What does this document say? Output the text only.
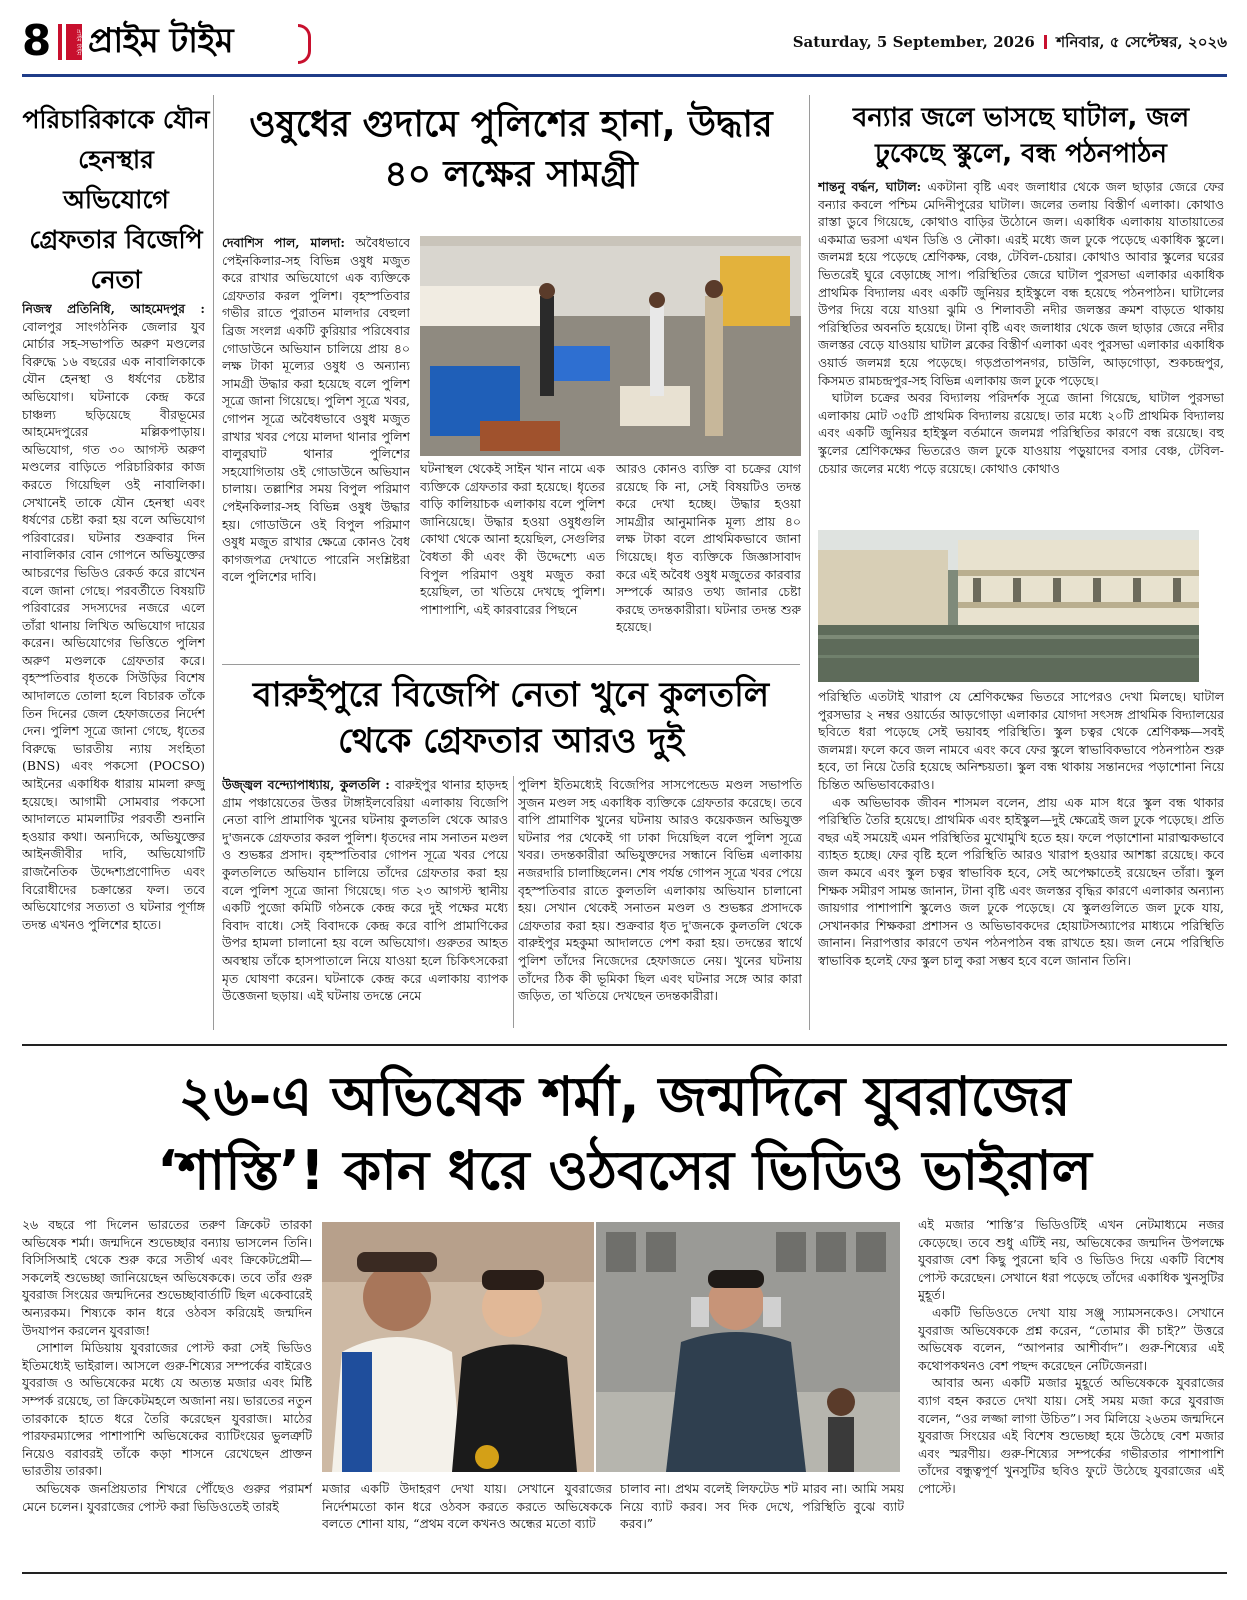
8	প্রাইম টাইম প্রাইম টাইম	Saturday, 5 September, 2026 শনিবার, ৫ সেপ্টেম্বর, ২০২৬
পরিচারিকাকে যৌন হেনস্থার অভিযোগে গ্রেফতার বিজেপি নেতা
নিজস্ব প্রতিনিধি, আহমেদপুর : বোলপুর সাংগঠনিক জেলার যুব মোর্চার সহ-সভাপতি অরুণ মণ্ডলের বিরুদ্ধে ১৬ বছরের এক নাবালিকাকে যৌন হেনস্থা ও ধর্ষণের চেষ্টার অভিযোগ। ঘটনাকে কেন্দ্র করে চাঞ্চল্য ছড়িয়েছে বীরভূমের আহমেদপুরের মল্লিকপাড়ায়। অভিযোগ, গত ৩০ আগস্ট অরুণ মণ্ডলের বাড়িতে পরিচারিকার কাজ করতে গিয়েছিল ওই নাবালিকা। সেখানেই তাকে যৌন হেনস্থা এবং ধর্ষণের চেষ্টা করা হয় বলে অভিযোগ পরিবারের। ঘটনার শুক্রবার দিন নাবালিকার বোন গোপনে অভিযুক্তের আচরণের ভিডিও রেকর্ড করে রাখেন বলে জানা গেছে। পরবর্তীতে বিষয়টি পরিবারের সদস্যদের নজরে এলে তাঁরা থানায় লিখিত অভিযোগ দায়ের করেন। অভিযোগের ভিত্তিতে পুলিশ অরুণ মণ্ডলকে গ্রেফতার করে। বৃহস্পতিবার ধৃতকে সিউড়ির বিশেষ আদালতে তোলা হলে বিচারক তাঁকে তিন দিনের জেল হেফাজতের নির্দেশ দেন। পুলিশ সূত্রে জানা গেছে, ধৃতের বিরুদ্ধে ভারতীয় ন্যায় সংহিতা (BNS) এবং পকসো (POCSO) আইনের একাধিক ধারায় মামলা রুজু হয়েছে। আগামী সোমবার পকসো আদালতে মামলাটির পরবর্তী শুনানি হওয়ার কথা। অন্যদিকে, অভিযুক্তের আইনজীবীর দাবি, অভিযোগটি রাজনৈতিক উদ্দেশ্যপ্রণোদিত এবং বিরোধীদের চক্রান্তের ফল। তবে অভিযোগের সত্যতা ও ঘটনার পূর্ণাঙ্গ তদন্ত এখনও পুলিশের হাতে।
ওষুধের গুদামে পুলিশের হানা, উদ্ধার ৪০ লক্ষের সামগ্রী
দেবাশিস পাল, মালদা: অবৈধভাবে পেইনকিলার-সহ বিভিন্ন ওষুধ মজুত করে রাখার অভিযোগে এক ব্যক্তিকে গ্রেফতার করল পুলিশ। বৃহস্পতিবার গভীর রাতে পুরাতন মালদার বেহুলা ব্রিজ সংলগ্ন একটি কুরিয়ার পরিষেবার গোডাউনে অভিযান চালিয়ে প্রায় ৪০ লক্ষ টাকা মূল্যের ওষুধ ও অন্যান্য সামগ্রী উদ্ধার করা হয়েছে বলে পুলিশ সূত্রে জানা গিয়েছে। পুলিশ সূত্রে খবর, গোপন সূত্রে অবৈধভাবে ওষুধ মজুত রাখার খবর পেয়ে মালদা থানার পুলিশ বালুরঘাট থানার পুলিশের সহযোগিতায় ওই গোডাউনে অভিযান চালায়। তল্লাশির সময় বিপুল পরিমাণ পেইনকিলার-সহ বিভিন্ন ওষুধ উদ্ধার হয়। গোডাউনে ওই বিপুল পরিমাণ ওষুধ মজুত রাখার ক্ষেত্রে কোনও বৈধ কাগজপত্র দেখাতে পারেনি সংশ্লিষ্টরা বলে পুলিশের দাবি।
ঘটনাস্থল থেকেই সাইন খান নামে এক ব্যক্তিকে গ্রেফতার করা হয়েছে। ধৃতের বাড়ি কালিয়াচক এলাকায় বলে পুলিশ জানিয়েছে। উদ্ধার হওয়া ওষুধগুলি কোথা থেকে আনা হয়েছিল, সেগুলির বৈধতা কী এবং কী উদ্দেশ্যে এত বিপুল পরিমাণ ওষুধ মজুত করা হয়েছিল, তা খতিয়ে দেখছে পুলিশ। পাশাপাশি, এই কারবারের পিছনে
আরও কোনও ব্যক্তি বা চক্রের যোগ রয়েছে কি না, সেই বিষয়টিও তদন্ত করে দেখা হচ্ছে। উদ্ধার হওয়া সামগ্রীর আনুমানিক মূল্য প্রায় ৪০ লক্ষ টাকা বলে প্রাথমিকভাবে জানা গিয়েছে। ধৃত ব্যক্তিকে জিজ্ঞাসাবাদ করে এই অবৈধ ওষুধ মজুতের কারবার সম্পর্কে আরও তথ্য জানার চেষ্টা করছে তদন্তকারীরা। ঘটনার তদন্ত শুরু হয়েছে।
বারুইপুরে বিজেপি নেতা খুনে কুলতলি থেকে গ্রেফতার আরও দুই
উজ্জ্বল বন্দ্যোপাধ্যায়, কুলতলি : বারুইপুর থানার হাড়দহ গ্রাম পঞ্চায়েতের উত্তর টাঙ্গাইলবেরিয়া এলাকায় বিজেপি নেতা বাপি প্রামাণিক খুনের ঘটনায় কুলতলি থেকে আরও দু'জনকে গ্রেফতার করল পুলিশ। ধৃতদের নাম সনাতন মণ্ডল ও শুভঙ্কর প্রসাদ। বৃহস্পতিবার গোপন সূত্রে খবর পেয়ে কুলতলিতে অভিযান চালিয়ে তাঁদের গ্রেফতার করা হয় বলে পুলিশ সূত্রে জানা গিয়েছে। গত ২৩ আগস্ট স্থানীয় একটি পুজো কমিটি গঠনকে কেন্দ্র করে দুই পক্ষের মধ্যে বিবাদ বাধে। সেই বিবাদকে কেন্দ্র করে বাপি প্রামাণিকের উপর হামলা চালানো হয় বলে অভিযোগ। গুরুতর আহত অবস্থায় তাঁকে হাসপাতালে নিয়ে যাওয়া হলে চিকিৎসকেরা মৃত ঘোষণা করেন। ঘটনাকে কেন্দ্র করে এলাকায় ব্যাপক উত্তেজনা ছড়ায়। এই ঘটনায় তদন্তে নেমে
পুলিশ ইতিমধ্যেই বিজেপির সাসপেন্ডেড মণ্ডল সভাপতি সুজন মণ্ডল সহ একাধিক ব্যক্তিকে গ্রেফতার করেছে। তবে বাপি প্রামাণিক খুনের ঘটনায় আরও কয়েকজন অভিযুক্ত ঘটনার পর থেকেই গা ঢাকা দিয়েছিল বলে পুলিশ সূত্রে খবর। তদন্তকারীরা অভিযুক্তদের সন্ধানে বিভিন্ন এলাকায় নজরদারি চালাচ্ছিলেন। শেষ পর্যন্ত গোপন সূত্রে খবর পেয়ে বৃহস্পতিবার রাতে কুলতলি এলাকায় অভিযান চালানো হয়। সেখান থেকেই সনাতন মণ্ডল ও শুভঙ্কর প্রসাদকে গ্রেফতার করা হয়। শুক্রবার ধৃত দু'জনকে কুলতলি থেকে বারুইপুর মহকুমা আদালতে পেশ করা হয়। তদন্তের স্বার্থে পুলিশ তাঁদের নিজেদের হেফাজতে নেয়। খুনের ঘটনায় তাঁদের ঠিক কী ভূমিকা ছিল এবং ঘটনার সঙ্গে আর কারা জড়িত, তা খতিয়ে দেখছেন তদন্তকারীরা।
বন্যার জলে ভাসছে ঘাটাল, জল ঢুকেছে স্কুলে, বন্ধ পঠনপাঠন
শান্তনু বর্দ্ধন, ঘাটাল: একটানা বৃষ্টি এবং জলাধার থেকে জল ছাড়ার জেরে ফের বন্যার কবলে পশ্চিম মেদিনীপুরের ঘাটাল। জলের তলায় বিস্তীর্ণ এলাকা। কোথাও রাস্তা ডুবে গিয়েছে, কোথাও বাড়ির উঠোনে জল। একাধিক এলাকায় যাতায়াতের একমাত্র ভরসা এখন ডিঙি ও নৌকা। এরই মধ্যে জল ঢুকে পড়েছে একাধিক স্কুলে। জলমগ্ন হয়ে পড়েছে শ্রেণিকক্ষ, বেঞ্চ, টেবিল-চেয়ার। কোথাও আবার স্কুলের ঘরের ভিতরেই ঘুরে বেড়াচ্ছে সাপ। পরিস্থিতির জেরে ঘাটাল পুরসভা এলাকার একাধিক প্রাথমিক বিদ্যালয় এবং একটি জুনিয়র হাইস্কুলে বন্ধ হয়েছে পঠনপাঠন। ঘাটালের উপর দিয়ে বয়ে যাওয়া ঝুমি ও শিলাবতী নদীর জলস্তর ক্রমশ বাড়তে থাকায় পরিস্থিতির অবনতি হয়েছে। টানা বৃষ্টি এবং জলাধার থেকে জল ছাড়ার জেরে নদীর জলস্তর বেড়ে যাওয়ায় ঘাটাল ব্লকের বিস্তীর্ণ এলাকা এবং পুরসভা এলাকার একাধিক ওয়ার্ড জলমগ্ন হয়ে পড়েছে। গড়প্রতাপনগর, চাউলি, আড়গোড়া, শুকচন্দ্রপুর, কিসমত রামচন্দ্রপুর-সহ বিভিন্ন এলাকায় জল ঢুকে পড়েছে।

ঘাটাল চক্রের অবর বিদ্যালয় পরিদর্শক সূত্রে জানা গিয়েছে, ঘাটাল পুরসভা এলাকায় মোট ৩৫টি প্রাথমিক বিদ্যালয় রয়েছে। তার মধ্যে ২০টি প্রাথমিক বিদ্যালয় এবং একটি জুনিয়র হাইস্কুল বর্তমানে জলমগ্ন পরিস্থিতির কারণে বন্ধ রয়েছে। বহু স্কুলের শ্রেণিকক্ষের ভিতরেও জল ঢুকে যাওয়ায় পড়ুয়াদের বসার বেঞ্চ, টেবিল-চেয়ার জলের মধ্যে পড়ে রয়েছে। কোথাও কোথাও

পরিস্থিতি এতটাই খারাপ যে শ্রেণিকক্ষের ভিতরে সাপেরও দেখা মিলছে। ঘাটাল পুরসভার ২ নম্বর ওয়ার্ডের আড়গোড়া এলাকার যোগদা সৎসঙ্গ প্রাথমিক বিদ্যালয়ের ছবিতে ধরা পড়েছে সেই ভয়াবহ পরিস্থিতি। স্কুল চত্বর থেকে শ্রেণিকক্ষ—সবই জলমগ্ন। ফলে কবে জল নামবে এবং কবে ফের স্কুলে স্বাভাবিকভাবে পঠনপাঠন শুরু হবে, তা নিয়ে তৈরি হয়েছে অনিশ্চয়তা। স্কুল বন্ধ থাকায় সন্তানদের পড়াশোনা নিয়ে চিন্তিত অভিভাবকেরাও।

এক অভিভাবক জীবন শাসমল বলেন, প্রায় এক মাস ধরে স্কুল বন্ধ থাকার পরিস্থিতি তৈরি হয়েছে। প্রাথমিক এবং হাইস্কুল—দুই ক্ষেত্রেই জল ঢুকে পড়েছে। প্রতি বছর এই সময়েই এমন পরিস্থিতির মুখোমুখি হতে হয়। ফলে পড়াশোনা মারাত্মকভাবে ব্যাহত হচ্ছে। ফের বৃষ্টি হলে পরিস্থিতি আরও খারাপ হওয়ার আশঙ্কা রয়েছে। কবে জল কমবে এবং স্কুল চত্বর স্বাভাবিক হবে, সেই অপেক্ষাতেই রয়েছেন তাঁরা। স্কুল শিক্ষক সমীরণ সামন্ত জানান, টানা বৃষ্টি এবং জলস্তর বৃদ্ধির কারণে এলাকার অন্যান্য জায়গার পাশাপাশি স্কুলেও জল ঢুকে পড়েছে। যে স্কুলগুলিতে জল ঢুকে যায়, সেখানকার শিক্ষকরা প্রশাসন ও অভিভাবকদের হোয়াটসঅ্যাপের মাধ্যমে পরিস্থিতি জানান। নিরাপত্তার কারণে তখন পঠনপাঠন বন্ধ রাখতে হয়। জল নেমে পরিস্থিতি স্বাভাবিক হলেই ফের স্কুল চালু করা সম্ভব হবে বলে জানান তিনি।

২৬-এ অভিষেক শর্মা, জন্মদিনে যুবরাজের
‘শাস্তি’! কান ধরে ওঠবসের ভিডিও ভাইরাল

২৬ বছরে পা দিলেন ভারতের তরুণ ক্রিকেট তারকা অভিষেক শর্মা। জন্মদিনে শুভেচ্ছার বন্যায় ভাসলেন তিনি। বিসিসিআই থেকে শুরু করে সতীর্থ এবং ক্রিকেটপ্রেমী—সকলেই শুভেচ্ছা জানিয়েছেন অভিষেককে। তবে তাঁর গুরু যুবরাজ সিংয়ের জন্মদিনের শুভেচ্ছাবার্তাটি ছিল একেবারেই অন্যরকম। শিষ্যকে কান ধরে ওঠবস করিয়েই জন্মদিন উদযাপন করলেন যুবরাজ!

সোশাল মিডিয়ায় যুবরাজের পোস্ট করা সেই ভিডিও ইতিমধ্যেই ভাইরাল। আসলে গুরু-শিষ্যের সম্পর্কের বাইরেও যুবরাজ ও অভিষেকের মধ্যে যে অত্যন্ত মজার এবং মিষ্টি সম্পর্ক রয়েছে, তা ক্রিকেটমহলে অজানা নয়। ভারতের নতুন তারকাকে হাতে ধরে তৈরি করেছেন যুবরাজ। মাঠের পারফরম্যান্সের পাশাপাশি অভিষেকের ব্যাটিংয়ের ভুলত্রুটি নিয়েও বরাবরই তাঁকে কড়া শাসনে রেখেছেন প্রাক্তন ভারতীয় তারকা।

অভিষেক জনপ্রিয়তার শিখরে পৌঁছেও গুরুর পরামর্শ মেনে চলেন। যুবরাজের পোস্ট করা ভিডিওতেই তারই

মজার একটি উদাহরণ দেখা যায়। সেখানে যুবরাজের নির্দেশমতো কান ধরে ওঠবস করতে করতে অভিষেককে বলতে শোনা যায়, “প্রথম বলে কখনও অন্ধের মতো ব্যাট
চালাব না। প্রথম বলেই লিফটেড শট মারব না। আমি সময় নিয়ে ব্যাট করব। সব দিক দেখে, পরিস্থিতি বুঝে ব্যাট করব।”

এই মজার ‘শাস্তি’র ভিডিওটিই এখন নেটমাধ্যমে নজর কেড়েছে। তবে শুধু এটিই নয়, অভিষেকের জন্মদিন উপলক্ষে যুবরাজ বেশ কিছু পুরনো ছবি ও ভিডিও দিয়ে একটি বিশেষ পোস্ট করেছেন। সেখানে ধরা পড়েছে তাঁদের একাধিক খুনসুটির মুহূর্ত।

একটি ভিডিওতে দেখা যায় সঞ্জু স্যামসনকেও। সেখানে যুবরাজ অভিষেককে প্রশ্ন করেন, “তোমার কী চাই?” উত্তরে অভিষেক বলেন, “আপনার আশীর্বাদ”। গুরু-শিষ্যের এই কথোপকথনও বেশ পছন্দ করেছেন নেটিজেনরা।

আবার অন্য একটি মজার মুহূর্তে অভিষেককে যুবরাজের ব্যাগ বহন করতে দেখা যায়। সেই সময় মজা করে যুবরাজ বলেন, “ওর লজ্জা লাগা উচিত”। সব মিলিয়ে ২৬তম জন্মদিনে যুবরাজ সিংয়ের এই বিশেষ শুভেচ্ছা হয়ে উঠেছে বেশ মজার এবং স্মরণীয়। গুরু-শিষ্যের সম্পর্কের গভীরতার পাশাপাশি তাঁদের বন্ধুত্বপূর্ণ খুনসুটির ছবিও ফুটে উঠেছে যুবরাজের এই পোস্টে।
